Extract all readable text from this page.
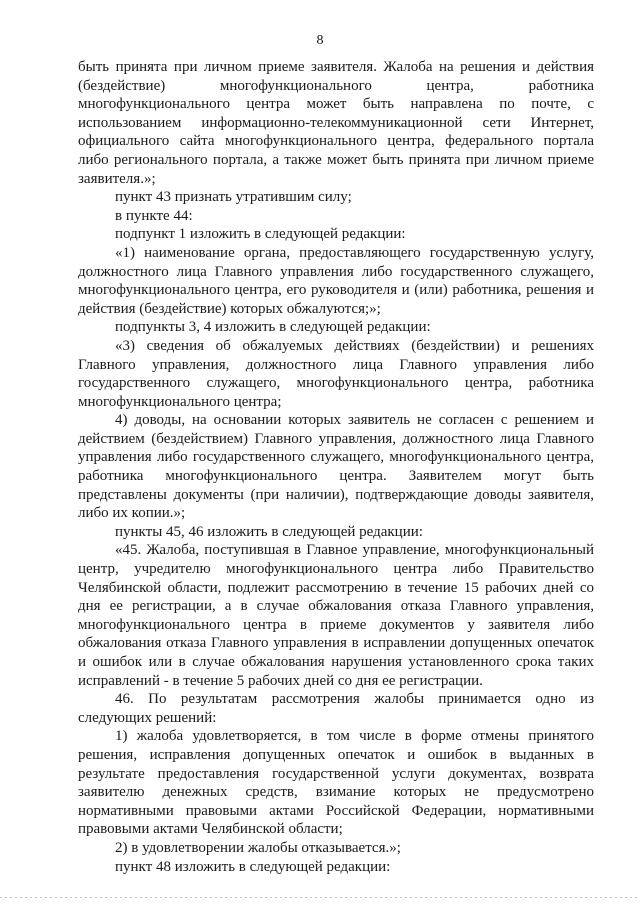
8

быть принята при личном приеме заявителя. Жалоба на решения и действия (бездействие) многофункционального центра, работника многофункционального центра может быть направлена по почте, с использованием информационно-телекоммуникационной сети Интернет, официального сайта многофункционального центра, федерального портала либо регионального портала, а также может быть принята при личном приеме заявителя.»;

пункт 43 признать утратившим силу;

в пункте 44:

подпункт 1 изложить в следующей редакции:

«1) наименование органа, предоставляющего государственную услугу, должностного лица Главного управления либо государственного служащего, многофункционального центра, его руководителя и (или) работника, решения и действия (бездействие) которых обжалуются;»;

подпункты 3, 4 изложить в следующей редакции:

«3) сведения об обжалуемых действиях (бездействии) и решениях Главного управления, должностного лица Главного управления либо государственного служащего, многофункционального центра, работника многофункционального центра;

4) доводы, на основании которых заявитель не согласен с решением и действием (бездействием) Главного управления, должностного лица Главного управления либо государственного служащего, многофункционального центра, работника многофункционального центра. Заявителем могут быть представлены документы (при наличии), подтверждающие доводы заявителя, либо их копии.»;

пункты 45, 46 изложить в следующей редакции:

«45. Жалоба, поступившая в Главное управление, многофункциональный центр, учредителю многофункционального центра либо Правительство Челябинской области, подлежит рассмотрению в течение 15 рабочих дней со дня ее регистрации, а в случае обжалования отказа Главного управления, многофункционального центра в приеме документов у заявителя либо обжалования отказа Главного управления в исправлении допущенных опечаток и ошибок или в случае обжалования нарушения установленного срока таких исправлений - в течение 5 рабочих дней со дня ее регистрации.

46. По результатам рассмотрения жалобы принимается одно из следующих решений:

1) жалоба удовлетворяется, в том числе в форме отмены принятого решения, исправления допущенных опечаток и ошибок в выданных в результате предоставления государственной услуги документах, возврата заявителю денежных средств, взимание которых не предусмотрено нормативными правовыми актами Российской Федерации, нормативными правовыми актами Челябинской области;

2) в удовлетворении жалобы отказывается.»;

пункт 48 изложить в следующей редакции:
